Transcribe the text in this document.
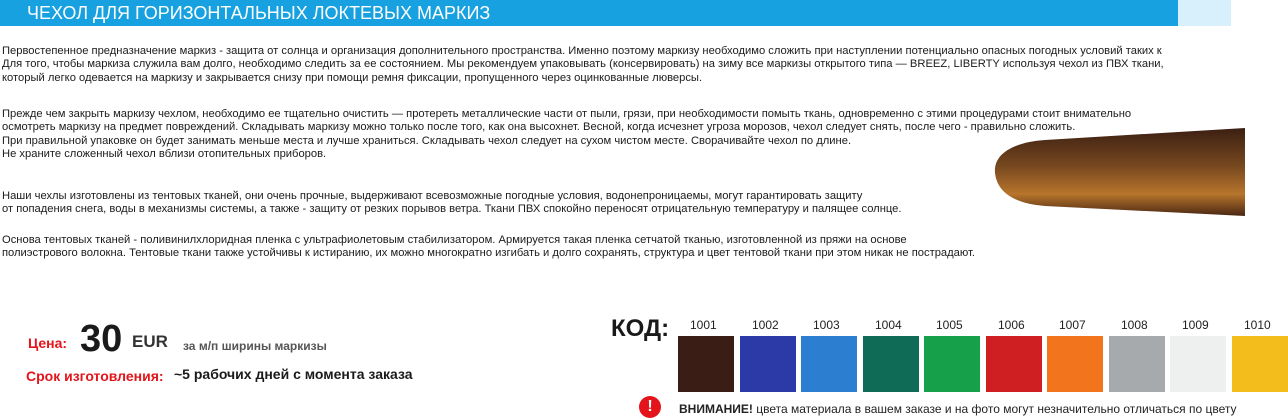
ЧЕХОЛ ДЛЯ ГОРИЗОНТАЛЬНЫХ ЛОКТЕВЫХ МАРКИЗ
Первостепенное предназначение маркиз - защита от солнца и организация дополнительного пространства. Именно поэтому маркизу необходимо сложить при наступлении потенциально опасных погодных условий таких к
Для того, чтобы маркиза служила вам долго, необходимо следить за ее состоянием. Мы рекомендуем упаковывать (консервировать) на зиму все маркизы открытого типа — BREEZ, LIBERTY используя чехол из ПВХ ткани,
который легко одевается на маркизу и закрывается снизу при помощи ремня фиксации, пропущенного через оцинкованные люверсы.
Прежде чем закрыть маркизу чехлом, необходимо ее тщательно очистить — протереть металлические части от пыли, грязи, при необходимости помыть ткань, одновременно с этими процедурами стоит внимательно
осмотреть маркизу на предмет повреждений. Складывать маркизу можно только после того, как она высохнет. Весной, когда исчезнет угроза морозов, чехол следует снять, после чего - правильно сложить.
При правильной упаковке он будет занимать меньше места и лучше храниться. Складывать чехол следует на сухом чистом месте. Сворачивайте чехол по длине.
Не храните сложенный чехол вблизи отопительных приборов.
Наши чехлы изготовлены из тентовых тканей, они очень прочные, выдерживают всевозможные погодные условия, водонепроницаемы, могут гарантировать защиту
от попадения снега, воды в механизмы системы, а также - защиту от резких порывов ветра. Ткани ПВХ спокойно переносят отрицательную температуру и палящее солнце.
Основа тентовых тканей - поливинилхлоридная пленка с ультрафиолетовым стабилизатором. Армируется такая пленка сетчатой тканью, изготовленной из пряжи на основе
полиэстрового волокна. Тентовые ткани также устойчивы к истиранию, их можно многократно изгибать и долго сохранять, структура и цвет тентовой ткани при этом никак не пострадают.
Цена: 30 EUR за м/п ширины маркизы
Срок изготовления: ~5 рабочих дней с момента заказа
КОД: 1001	1002	1003	1004	1005	1006	1007	1008	1009	1010
!	ВНИМАНИЕ! цвета материала в вашем заказе и на фото могут незначительно отличаться по цвету
